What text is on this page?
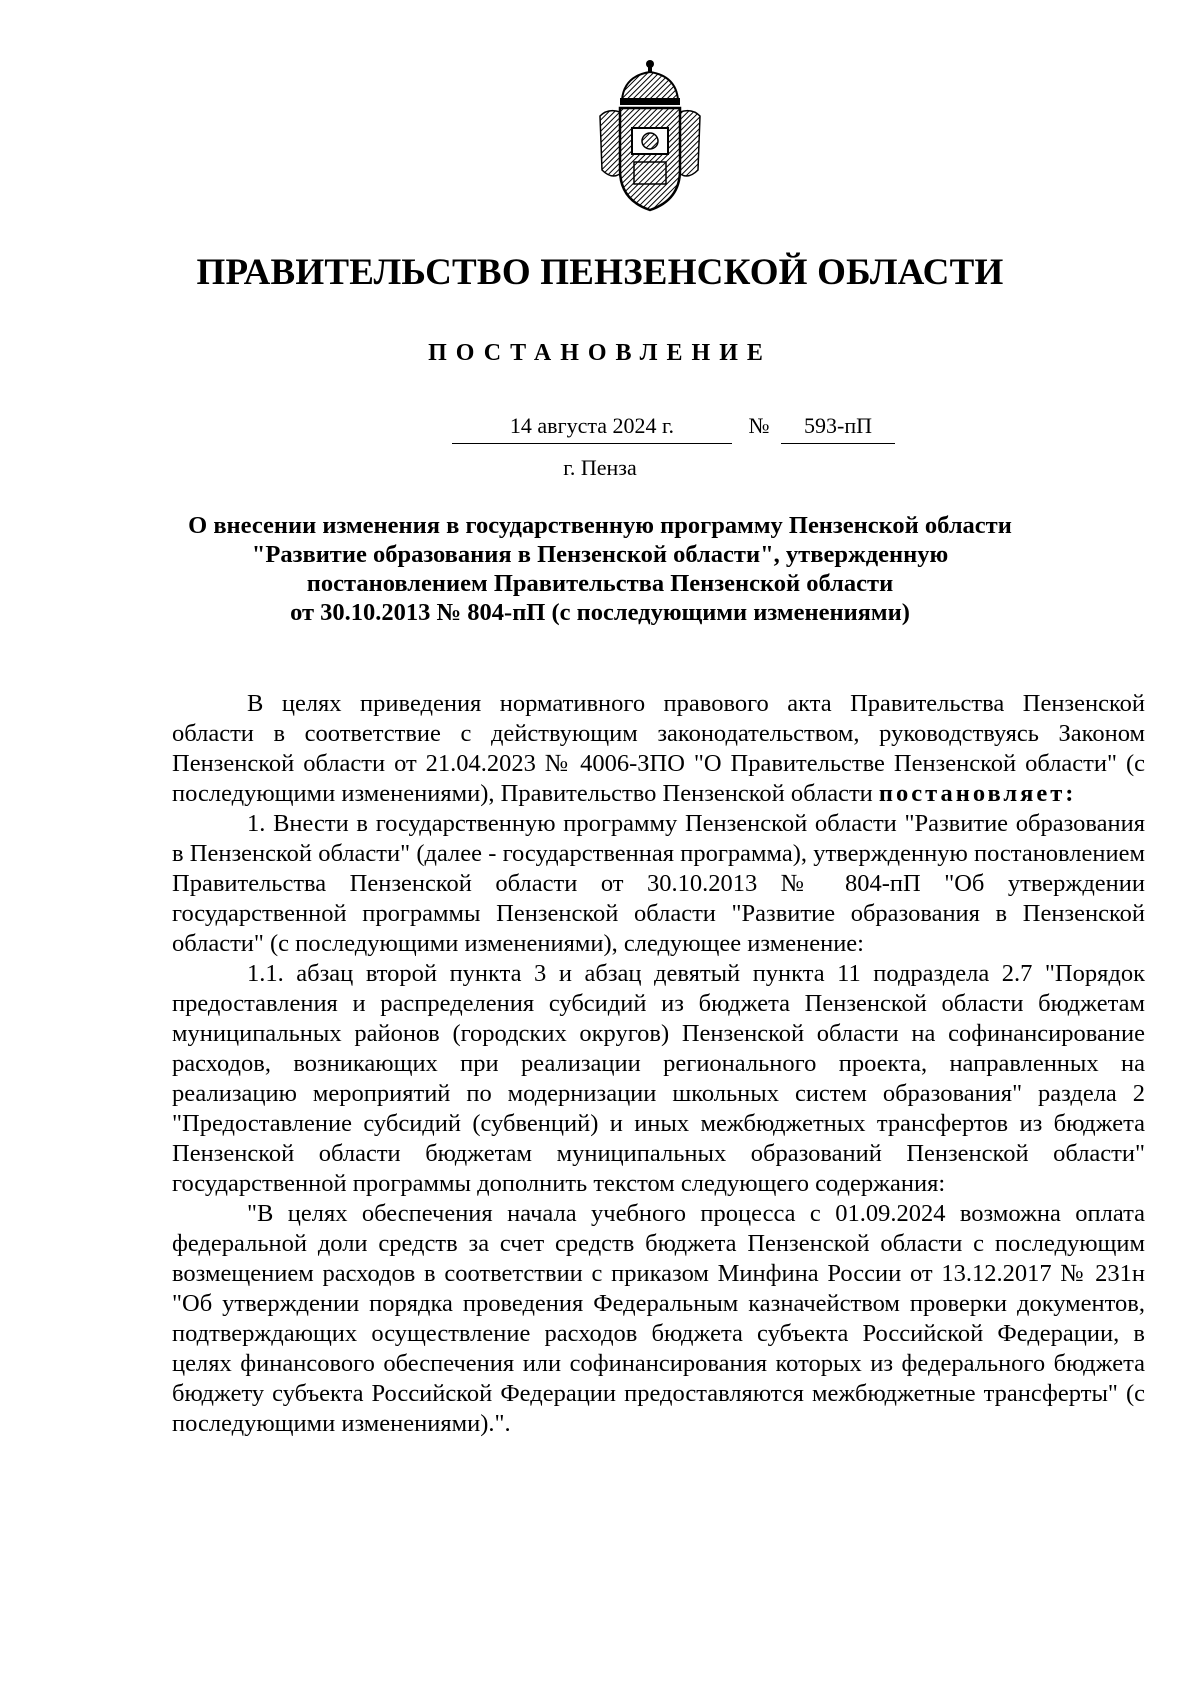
ПРАВИТЕЛЬСТВО ПЕНЗЕНСКОЙ ОБЛАСТИ
ПОСТАНОВЛЕНИЕ
14 августа 2024 г.	№	593-пП
г. Пенза
О внесении изменения в государственную программу Пензенской области
"Развитие образования в Пензенской области", утвержденную
постановлением Правительства Пензенской области
от 30.10.2013 № 804-пП (с последующими изменениями)

В целях приведения нормативного правового акта Правительства Пензенской области в соответствие с действующим законодательством, руководствуясь Законом Пензенской области от 21.04.2023 № 4006-ЗПО "О Правительстве Пензенской области" (с последующими изменениями), Правительство Пензенской области постановляет:

1. Внести в государственную программу Пензенской области "Развитие образования в Пензенской области" (далее - государственная программа), утвержденную постановлением Правительства Пензенской области от 30.10.2013 № 804-пП "Об утверждении государственной программы Пензенской области "Развитие образования в Пензенской области" (с последующими изменениями), следующее изменение:

1.1. абзац второй пункта 3 и абзац девятый пункта 11 подраздела 2.7 "Порядок предоставления и распределения субсидий из бюджета Пензенской области бюджетам муниципальных районов (городских округов) Пензенской области на софинансирование расходов, возникающих при реализации регионального проекта, направленных на реализацию мероприятий по модернизации школьных систем образования" раздела 2 "Предоставление субсидий (субвенций) и иных межбюджетных трансфертов из бюджета Пензенской области бюджетам муниципальных образований Пензенской области" государственной программы дополнить текстом следующего содержания:

"В целях обеспечения начала учебного процесса с 01.09.2024 возможна оплата федеральной доли средств за счет средств бюджета Пензенской области с последующим возмещением расходов в соответствии с приказом Минфина России от 13.12.2017 № 231н "Об утверждении порядка проведения Федеральным казначейством проверки документов, подтверждающих осуществление расходов бюджета субъекта Российской Федерации, в целях финансового обеспечения или софинансирования которых из федерального бюджета бюджету субъекта Российской Федерации предоставляются межбюджетные трансферты" (с последующими изменениями).".
